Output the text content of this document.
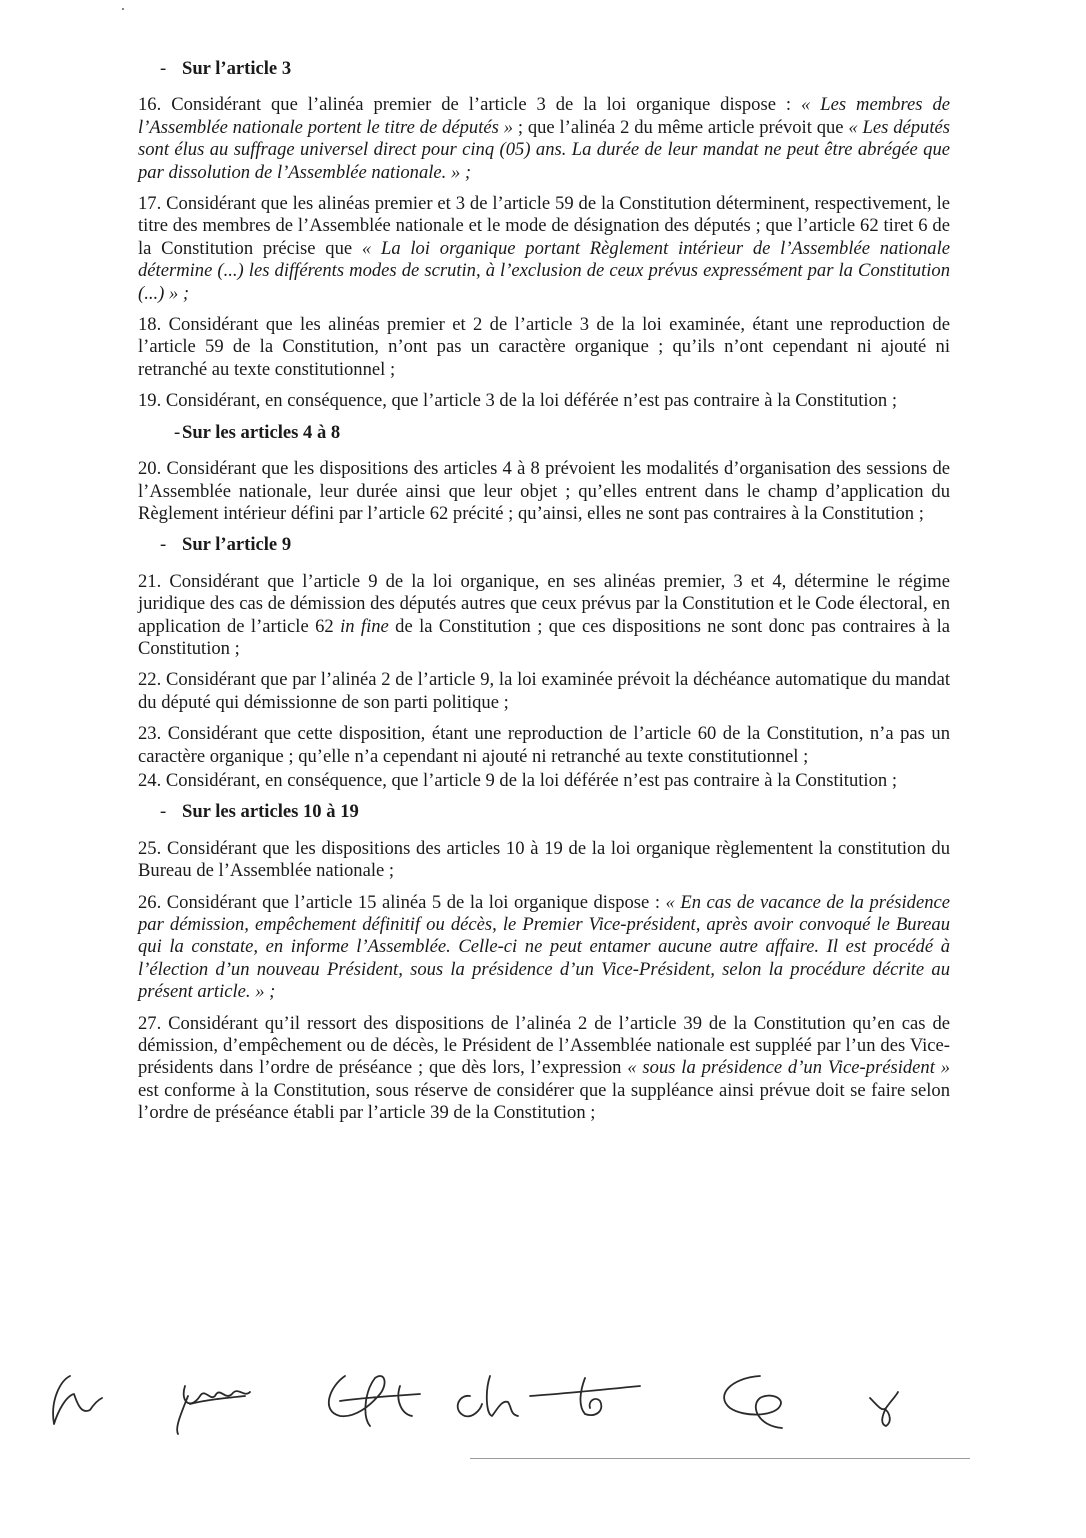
- Sur l’article 3

16. Considérant que l’alinéa premier de l’article 3 de la loi organique dispose : « Les membres de l’Assemblée nationale portent le titre de députés » ; que l’alinéa 2 du même article prévoit que « Les députés sont élus au suffrage universel direct pour cinq (05) ans. La durée de leur mandat ne peut être abrégée que par dissolution de l’Assemblée nationale. » ;

17. Considérant que les alinéas premier et 3 de l’article 59 de la Constitution déterminent, respectivement, le titre des membres de l’Assemblée nationale et le mode de désignation des députés ; que l’article 62 tiret 6 de la Constitution précise que « La loi organique portant Règlement intérieur de l’Assemblée nationale détermine (...) les différents modes de scrutin, à l’exclusion de ceux prévus expressément par la Constitution (...) » ;

18. Considérant que les alinéas premier et 2 de l’article 3 de la loi examinée, étant une reproduction de l’article 59 de la Constitution, n’ont pas un caractère organique ; qu’ils n’ont cependant ni ajouté ni retranché au texte constitutionnel ;

19. Considérant, en conséquence, que l’article 3 de la loi déférée n’est pas contraire à la Constitution ;

-Sur les articles 4 à 8

20. Considérant que les dispositions des articles 4 à 8 prévoient les modalités d’organisation des sessions de l’Assemblée nationale, leur durée ainsi que leur objet ; qu’elles entrent dans le champ d’application du Règlement intérieur défini par l’article 62 précité ; qu’ainsi, elles ne sont pas contraires à la Constitution ;

- Sur l’article 9

21. Considérant que l’article 9 de la loi organique, en ses alinéas premier, 3 et 4, détermine le régime juridique des cas de démission des députés autres que ceux prévus par la Constitution et le Code électoral, en application de l’article 62 in fine de la Constitution ; que ces dispositions ne sont donc pas contraires à la Constitution ;

22. Considérant que par l’alinéa 2 de l’article 9, la loi examinée prévoit la déchéance automatique du mandat du député qui démissionne de son parti politique ;

23. Considérant que cette disposition, étant une reproduction de l’article 60 de la Constitution, n’a pas un caractère organique ; qu’elle n’a cependant ni ajouté ni retranché au texte constitutionnel ;

24. Considérant, en conséquence, que l’article 9 de la loi déférée n’est pas contraire à la Constitution ;

- Sur les articles 10 à 19

25. Considérant que les dispositions des articles 10 à 19 de la loi organique règlementent la constitution du Bureau de l’Assemblée nationale ;

26. Considérant que l’article 15 alinéa 5 de la loi organique dispose : « En cas de vacance de la présidence par démission, empêchement définitif ou décès, le Premier Vice-président, après avoir convoqué le Bureau qui la constate, en informe l’Assemblée. Celle-ci ne peut entamer aucune autre affaire. Il est procédé à l’élection d’un nouveau Président, sous la présidence d’un Vice-Président, selon la procédure décrite au présent article. » ;

27. Considérant qu’il ressort des dispositions de l’alinéa 2 de l’article 39 de la Constitution qu’en cas de démission, d’empêchement ou de décès, le Président de l’Assemblée nationale est suppléé par l’un des Vice-présidents dans l’ordre de préséance ; que dès lors, l’expression « sous la présidence d’un Vice-président » est conforme à la Constitution, sous réserve de considérer que la suppléance ainsi prévue doit se faire selon l’ordre de préséance établi par l’article 39 de la Constitution ;
